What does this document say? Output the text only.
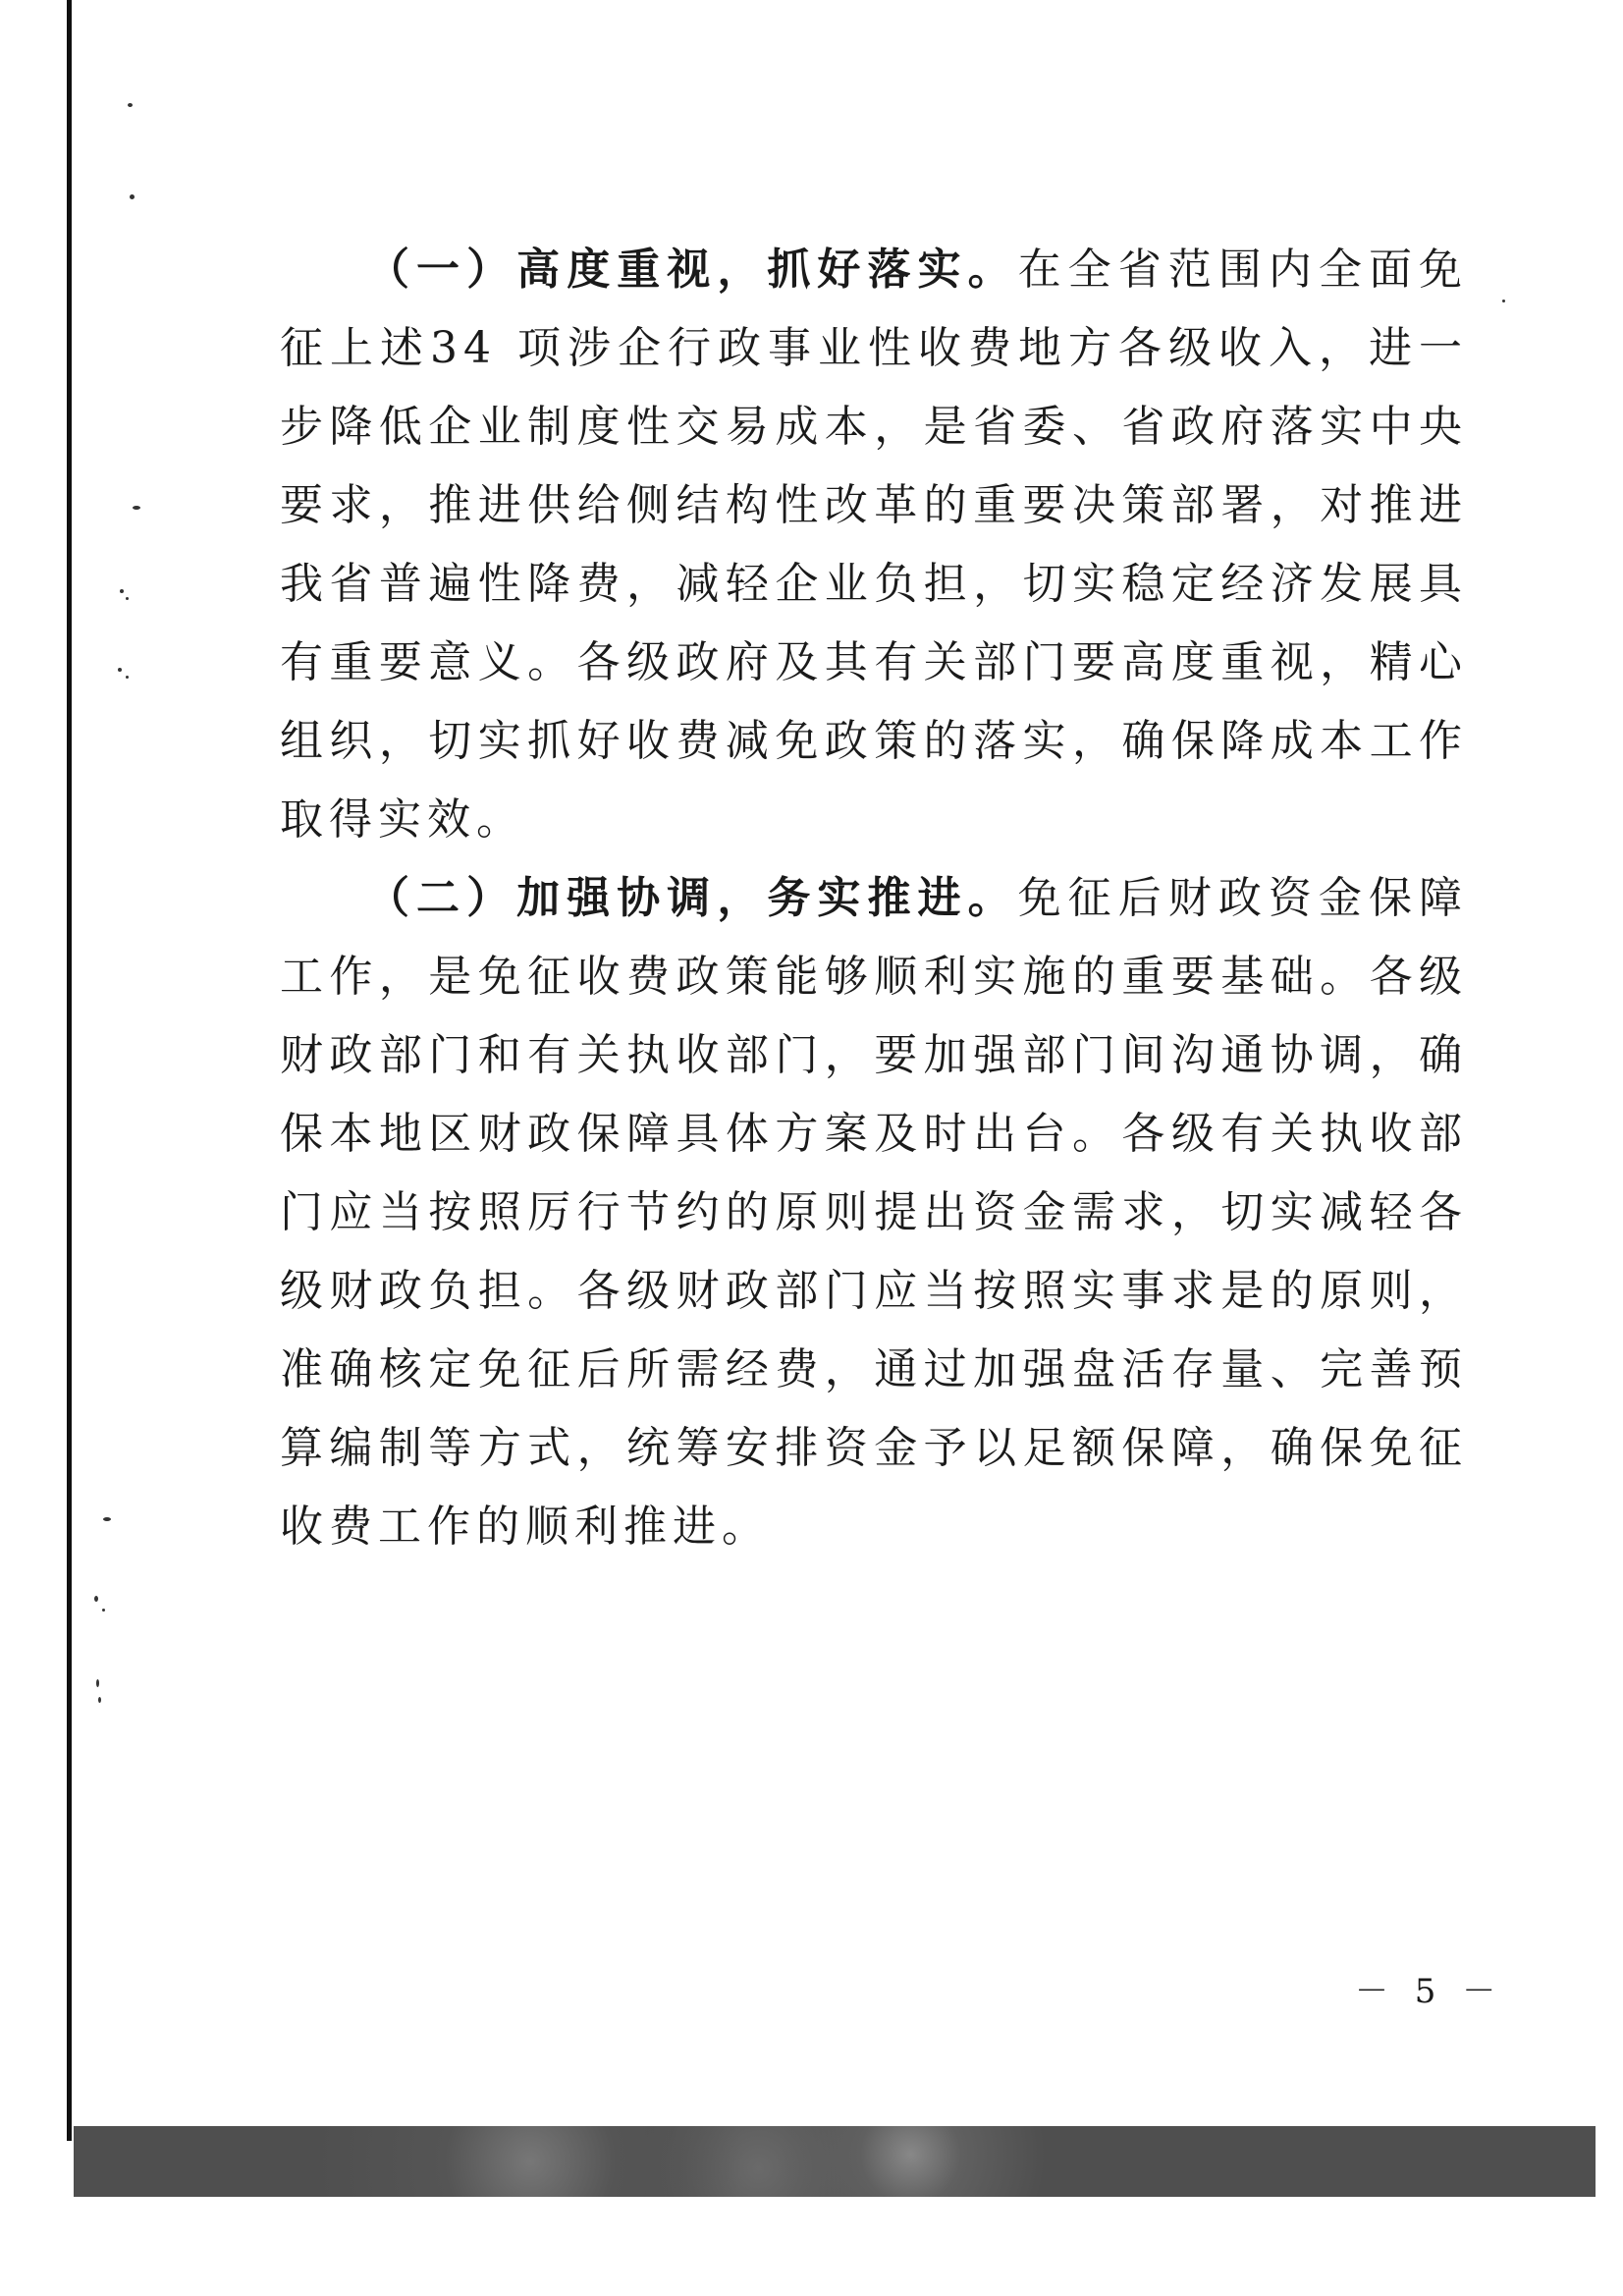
（一）高度重视，抓好落实。在全省范围内全面免征上述34 项涉企行政事业性收费地方各级收入，进一步降低企业制度性交易成本，是省委、省政府落实中央要求，推进供给侧结构性改革的重要决策部署，对推进我省普遍性降费，减轻企业负担，切实稳定经济发展具有重要意义。各级政府及其有关部门要高度重视，精心组织，切实抓好收费减免政策的落实，确保降成本工作取得实效。

（二）加强协调，务实推进。免征后财政资金保障工作，是免征收费政策能够顺利实施的重要基础。各级财政部门和有关执收部门，要加强部门间沟通协调，确保本地区财政保障具体方案及时出台。各级有关执收部门应当按照厉行节约的原则提出资金需求，切实减轻各级财政负担。各级财政部门应当按照实事求是的原则，准确核定免征后所需经费，通过加强盘活存量、完善预算编制等方式，统筹安排资金予以足额保障，确保免征收费工作的顺利推进。

－ 5 －
